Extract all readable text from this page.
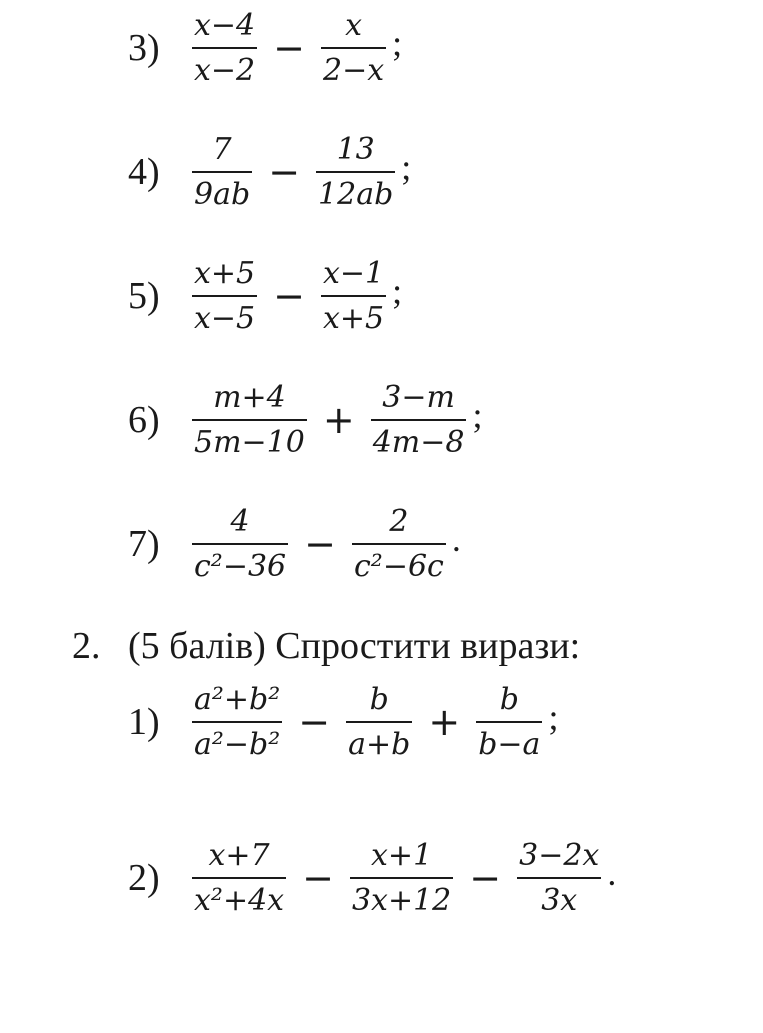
3)	$\frac{x-4}{x-2} - \frac{x}{2-x}$ ;
4)	$\frac{7}{9ab} - \frac{13}{12ab}$ ;
5)	$\frac{x+5}{x-5} - \frac{x-1}{x+5}$ ;
6)	$\frac{m+4}{5m-10} + \frac{3-m}{4m-8}$ ;
7)	$\frac{4}{\text{c²−36}} - \frac{2}{\text{c²−6c}}$ .
2. (5 балів) Спростити вирази:
1)	$\frac{\text{a²+b²}}{\text{a²−b²}} - \frac{b}{a+b} + \frac{b}{b-a}$ ;
2)	$\frac{x+7}{\text{x²+4x}} - \frac{x+1}{3x+12} - \frac{3-2x}{3x}$ .
